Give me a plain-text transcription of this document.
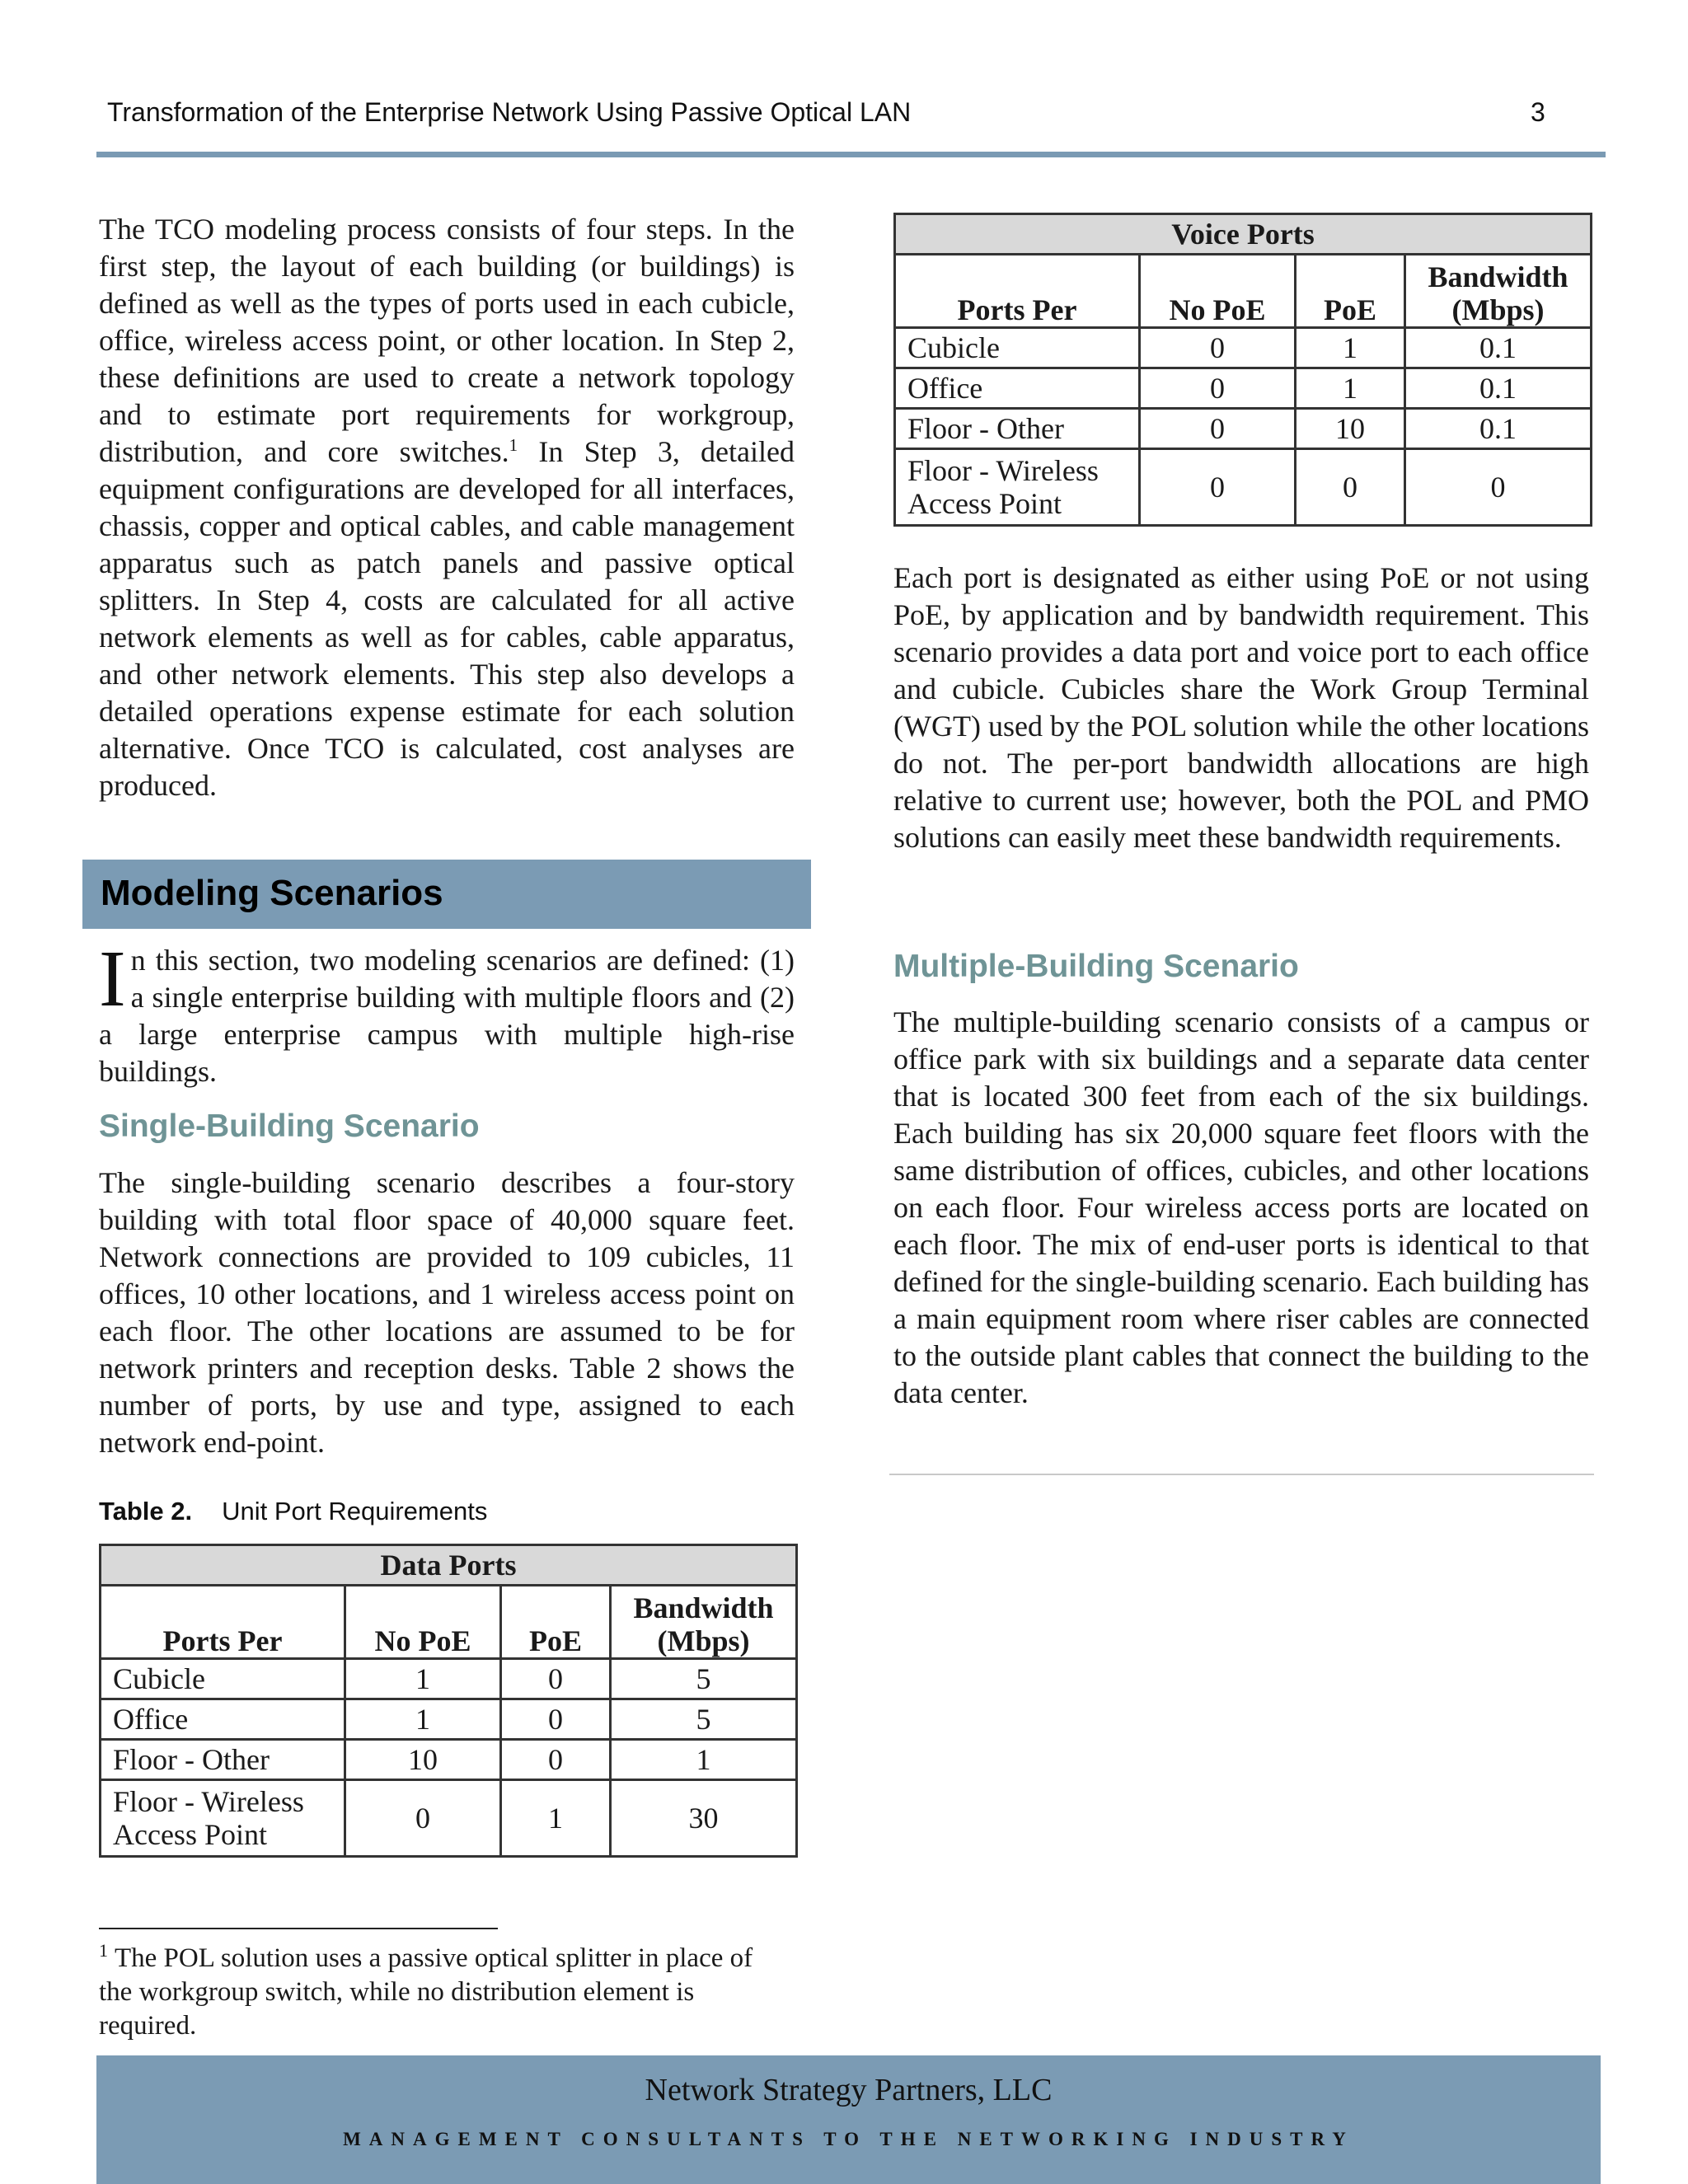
Transformation of the Enterprise Network Using Passive Optical LAN	3

The TCO modeling process consists of four steps. In the first step, the layout of each building (or buildings) is defined as well as the types of ports used in each cubicle, office, wireless access point, or other location. In Step 2, these definitions are used to create a network topology and to estimate port requirements for workgroup, distribution, and core switches.$^1$ In Step 3, detailed equipment configurations are developed for all interfaces, chassis, copper and optical cables, and cable management apparatus such as patch panels and passive optical splitters. In Step 4, costs are calculated for all active network elements as well as for cables, cable apparatus, and other network elements. This step also develops a detailed operations expense estimate for each solution alternative. Once TCO is calculated, cost analyses are produced.

Modeling Scenarios

In this section, two modeling scenarios are defined: (1) a single enterprise building with multiple floors and (2) a large enterprise campus with multiple high-rise buildings.

Single-Building Scenario

The single-building scenario describes a four-story building with total floor space of 40,000 square feet. Network connections are provided to 109 cubicles, 11 offices, 10 other locations, and 1 wireless access point on each floor. The other locations are assumed to be for network printers and reception desks. Table 2 shows the number of ports, by use and type, assigned to each network end-point.

Table 2. Unit Port Requirements

Data Ports			
Ports Per	No PoE	PoE	Bandwidth (Mbps)
Cubicle	1	0	5
Office	1	0	5
Floor - Other	10	0	1
Floor - Wireless Access Point	0	1	30

$^1$ The POL solution uses a passive optical splitter in place of the workgroup switch, while no distribution element is required.

Voice Ports			
Ports Per	No PoE	PoE	Bandwidth (Mbps)
Cubicle	0	1	0.1
Office	0	1	0.1
Floor - Other	0	10	0.1
Floor - Wireless Access Point	0	0	0

Each port is designated as either using PoE or not using PoE, by application and by bandwidth requirement. This scenario provides a data port and voice port to each office and cubicle. Cubicles share the Work Group Terminal (WGT) used by the POL solution while the other locations do not. The per-port bandwidth allocations are high relative to current use; however, both the POL and PMO solutions can easily meet these bandwidth requirements.

Multiple-Building Scenario

The multiple-building scenario consists of a campus or office park with six buildings and a separate data center that is located 300 feet from each of the six buildings. Each building has six 20,000 square feet floors with the same distribution of offices, cubicles, and other locations on each floor. Four wireless access ports are located on each floor. The mix of end-user ports is identical to that defined for the single-building scenario. Each building has a main equipment room where riser cables are connected to the outside plant cables that connect the building to the data center.

Network Strategy Partners, LLC
MANAGEMENT CONSULTANTS TO THE NETWORKING INDUSTRY
